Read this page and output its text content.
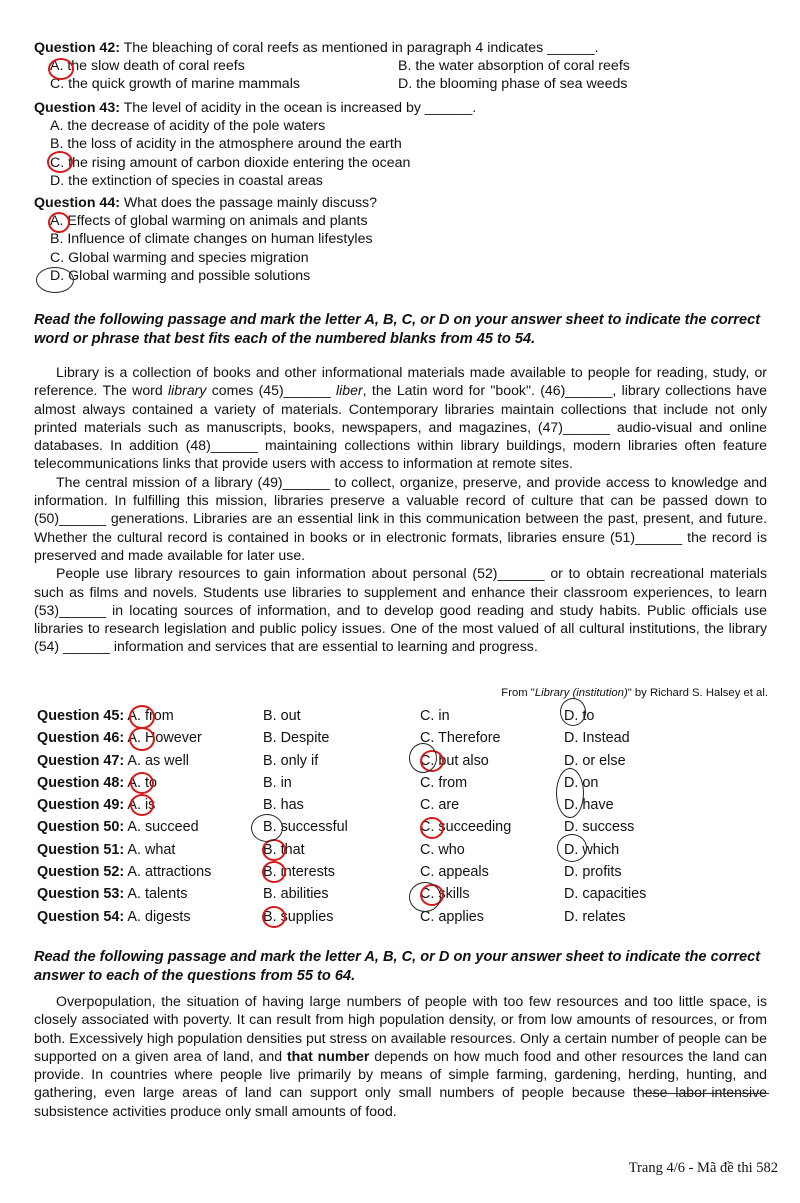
Question 42: The bleaching of coral reefs as mentioned in paragraph 4 indicates ______.
A. the slow death of coral reefs	B. the water absorption of coral reefs
C. the quick growth of marine mammals	D. the blooming phase of sea weeds
Question 43: The level of acidity in the ocean is increased by ______.
A. the decrease of acidity of the pole waters
B. the loss of acidity in the atmosphere around the earth
C. the rising amount of carbon dioxide entering the ocean
D. the extinction of species in coastal areas
Question 44: What does the passage mainly discuss?
A. Effects of global warming on animals and plants
B. Influence of climate changes on human lifestyles
C. Global warming and species migration
D. Global warming and possible solutions
Read the following passage and mark the letter A, B, C, or D on your answer sheet to indicate the correct word or phrase that best fits each of the numbered blanks from 45 to 54.

Library is a collection of books and other informational materials made available to people for reading, study, or reference. The word library comes (45)______ liber, the Latin word for "book". (46)______, library collections have almost always contained a variety of materials. Contemporary libraries maintain collections that include not only printed materials such as manuscripts, books, newspapers, and magazines, (47)______ audio-visual and online databases. In addition (48)______ maintaining collections within library buildings, modern libraries often feature telecommunications links that provide users with access to information at remote sites.

The central mission of a library (49)______ to collect, organize, preserve, and provide access to knowledge and information. In fulfilling this mission, libraries preserve a valuable record of culture that can be passed down to (50)______ generations. Libraries are an essential link in this communication between the past, present, and future. Whether the cultural record is contained in books or in electronic formats, libraries ensure (51)______ the record is preserved and made available for later use.

People use library resources to gain information about personal (52)______ or to obtain recreational materials such as films and novels. Students use libraries to supplement and enhance their classroom experiences, to learn (53)______ in locating sources of information, and to develop good reading and study habits. Public officials use libraries to research legislation and public policy issues. One of the most valued of all cultural institutions, the library (54) ______ information and services that are essential to learning and progress.

From "Library (institution)" by Richard S. Halsey et al.
Question 45: A. from	B. out	C. in	D. to
Question 46: A. However	B. Despite	C. Therefore	D. Instead
Question 47: A. as well	B. only if	C. but also	D. or else
Question 48: A. to	B. in	C. from	D. on
Question 49: A. is	B. has	C. are	D. have
Question 50: A. succeed	B. successful	C. succeeding	D. success
Question 51: A. what	B. that	C. who	D. which
Question 52: A. attractions	B. interests	C. appeals	D. profits
Question 53: A. talents	B. abilities	C. skills	D. capacities
Question 54: A. digests	B. supplies	C. applies	D. relates
Read the following passage and mark the letter A, B, C, or D on your answer sheet to indicate the correct answer to each of the questions from 55 to 64.

Overpopulation, the situation of having large numbers of people with too few resources and too little space, is closely associated with poverty. It can result from high population density, or from low amounts of resources, or from both. Excessively high population densities put stress on available resources. Only a certain number of people can be supported on a given area of land, and that number depends on how much food and other resources the land can provide. In countries where people live primarily by means of simple farming, gardening, herding, hunting, and gathering, even large areas of land can support only small numbers of people because these labor-intensive subsistence activities produce only small amounts of food.

Trang 4/6 - Mã đề thi 582
